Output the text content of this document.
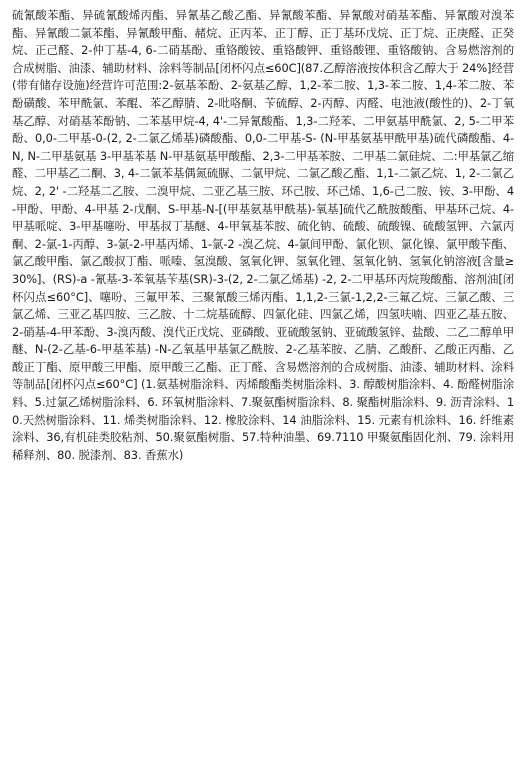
硫氰酸苯酯、异硫氰酸烯丙酯、异氰基乙酸乙酯、异氰酸苯酯、异氰酸对硝基苯酯、异氰酸对溴苯酯、异氰酸二氯苯酯、异氰酸甲酯、赭烷、正丙苯、正丁醇、正丁基环戊烷、正丁烷、正庚醛、正癸烷、正己醛、2-仲丁基-4, 6-二硝基酚、重铬酸铵、重铬酸钾、重铬酸锂、重铬酸钠、含易燃溶剂的合成树脂、油漆、辅助材料、涂料等制品[闭杯闪点≤60C](87.乙醇溶液按体积含乙醇大于 24%]经营(带有储存设施)经营许可范围:2-氨基苯酚、2-氨基乙醇、1,2-苯二胺、1,3-苯二胺、1,4-苯二胺、苯酚磺酸、苯甲酰氯、苯醌、苯乙醇腈、2-吡咯酮、苄硫醇、2-丙醇、丙醛、电池液(酸性的)、2-丁氧基乙醇、对硝基苯酚钠、二苯基甲烷-4, 4'-二异氰酸酯、1,3-二羟苯、二甲氨基甲酰氯、2, 5-二甲苯酚、0,0-二甲基-0-(2, 2-二氯乙烯基)磷酸酯、0,0-二甲基-S- (N-甲基氨基甲酰甲基)硫代磷酸酯、4-N, N-二甲基氨基 3-甲基苯基 N-甲基氨基甲酸酯、2,3-二甲基苯胺、二甲基二氯硅烷、二:甲基氯乙缩醛、二甲基乙二酮、3, 4-二氯苯基偶氮硫脲、二氯甲烷、二氯乙酸乙酯、1,1-二氯乙烷、1, 2-二氯乙烷、2, 2' -二羟基二乙胺、二溴甲烷、二亚乙基三胺、环己胺、环己烯、1,6-己二胺、铵、3-甲酚、4-甲酚、甲酚、4-甲基 2-戊酮、S-甲基-N-[(甲基氨基甲酰基)-氧基]硫代乙酰胺酸酯、甲基环己烷、4-甲基哌啶、3-甲基噻吩、甲基叔丁基醚、4-甲氧基苯胺、硫化钠、硫酸、硫酸镍、硫酸氢钾、六氯丙酮、2-氯-1-丙醇、3-氯-2-甲基丙烯、1-氯-2 -溴乙烷、4-氯间甲酚、氯化钡、氯化镍、氯甲酸苄酯、氯乙酸甲酯、氯乙酸叔丁酯、哌嗪、氢溴酸、氢氧化钾、氢氧化锂、氢氧化钠、氢氧化钠溶液[含量≥30%]、(RS)-a -氰基-3-苯氧基苄基(SR)-3-(2, 2-二氯乙烯基) -2, 2-二甲基环丙烷羧酸酯、溶剂油[闭杯闪点≤60°C]、噻吩、三氟甲苯、三聚氰酸三烯丙酯、1,1,2-三氯-1,2,2-三氟乙烷、三氯乙酸、三氯乙烯、三亚乙基四胺、三乙胺、十二烷基硫醇、四氯化硅、四氯乙烯，四氢呋喃、四亚乙基五胺、2-硝基-4-甲苯酚、3-溴丙酸、溴代正戊烷、亚磷酸、亚硫酸氢钠、亚硫酸氢锌、盐酸、二乙二醇单甲醚、N-(2-乙基-6-甲基苯基) -N-乙氧基甲基氯乙酰胺、2-乙基苯胺、乙腈、乙酸酐、乙酸正丙酯、乙酸正丁酯、原甲酸三甲酯、原甲酸三乙酯、正丁醛、含易燃溶剂的合成树脂、油漆、辅助材料、涂料等制品[闭杯闪点≤60°C] (1.氨基树脂涂料、丙烯酸酯类树脂涂料、3. 醇酸树脂涂料、4. 酚醛树脂涂料、5.过氯乙烯树脂涂料、6. 环氧树脂涂料、7.聚氨酯树脂涂料、8. 聚酯树脂涂料、9. 沥青涂料、10.天然树脂涂料、11. 烯类树脂涂料、12. 橡胶涂料、14 油脂涂料、15. 元素有机涂料、16. 纤维素涂料、36,有机硅类胶粘剂、50.聚氨酯树脂、57.特种油墨、69.7110 甲聚氨酯固化剂、79. 涂料用稀释剂、80. 脱漆剂、83. 香蕉水)
